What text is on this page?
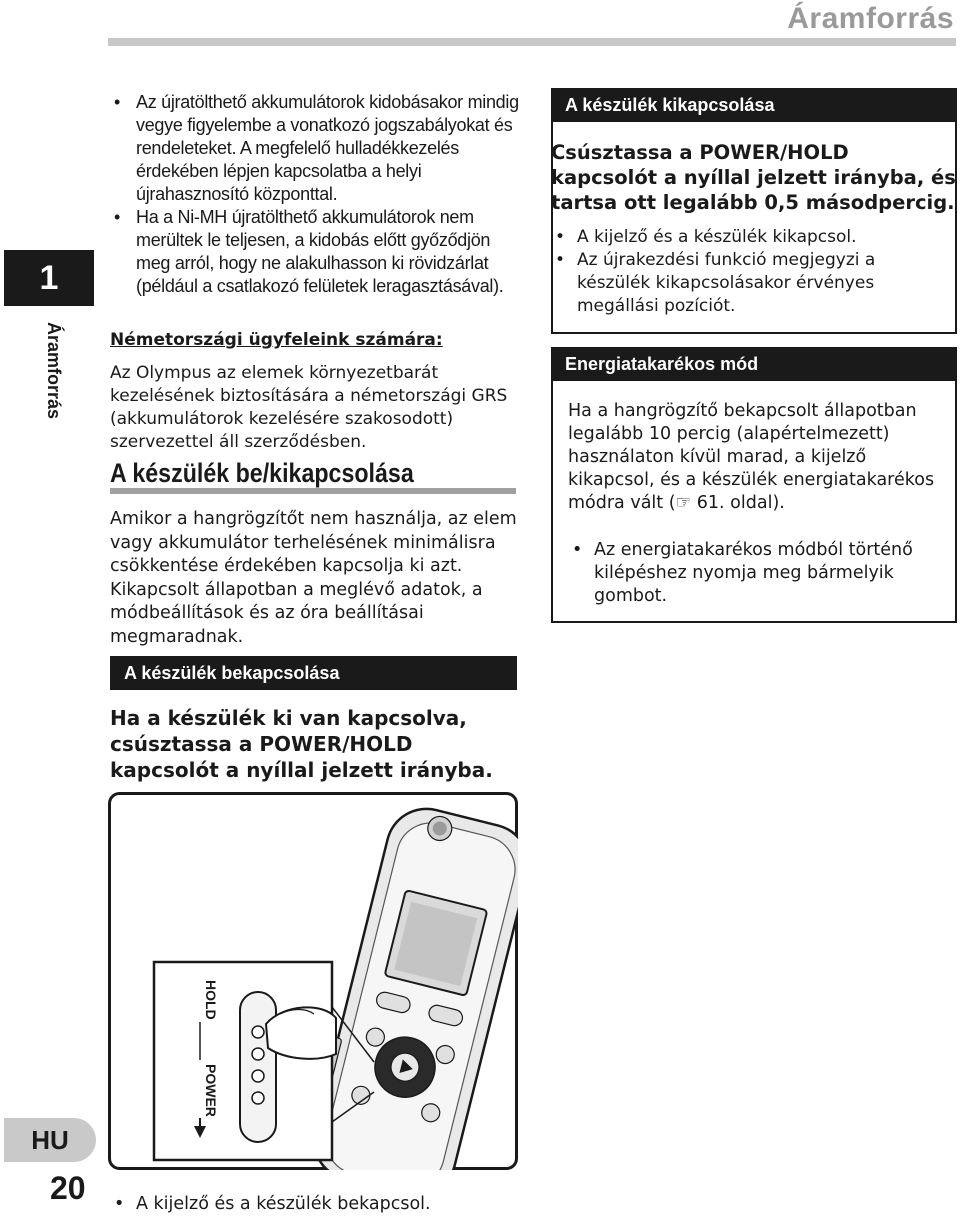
Áramforrás
1
Áramforrás
HU
20
• Az újratölthető akkumulátorok kidobásakor mindig vegye figyelembe a vonatkozó jogszabályokat és rendeleteket. A megfelelő hulladékkezelés érdekében lépjen kapcsolatba a helyi újrahasznosító központtal.
• Ha a Ni-MH újratölthető akkumulátorok nem merültek le teljesen, a kidobás előtt győződjön meg arról, hogy ne alakulhasson ki rövidzárlat (például a csatlakozó felületek leragasztásával).
Németországi ügyfeleink számára:
Az Olympus az elemek környezetbarát kezelésének biztosítására a németországi GRS (akkumulátorok kezelésére szakosodott) szervezettel áll szerződésben.
A készülék be/kikapcsolása
Amikor a hangrögzítőt nem használja, az elem vagy akkumulátor terhelésének minimálisra csökkentése érdekében kapcsolja ki azt. Kikapcsolt állapotban a meglévő adatok, a módbeállítások és az óra beállításai megmaradnak.
A készülék bekapcsolása
Ha a készülék ki van kapcsolva, csúsztassa a POWER/HOLD kapcsolót a nyíllal jelzett irányba.
HOLD
POWER
• A kijelző és a készülék bekapcsol.
A készülék kikapcsolása
Csúsztassa a POWER/HOLD kapcsolót a nyíllal jelzett irányba, és tartsa ott legalább 0,5 másodpercig.
• A kijelző és a készülék kikapcsol.
• Az újrakezdési funkció megjegyzi a készülék kikapcsolásakor érvényes megállási pozíciót.
Energiatakarékos mód
Ha a hangrögzítő bekapcsolt állapotban legalább 10 percig (alapértelmezett) használaton kívül marad, a kijelző kikapcsol, és a készülék energiatakarékos módra vált (☞ 61. oldal).
• Az energiatakarékos módból történő kilépéshez nyomja meg bármelyik gombot.
